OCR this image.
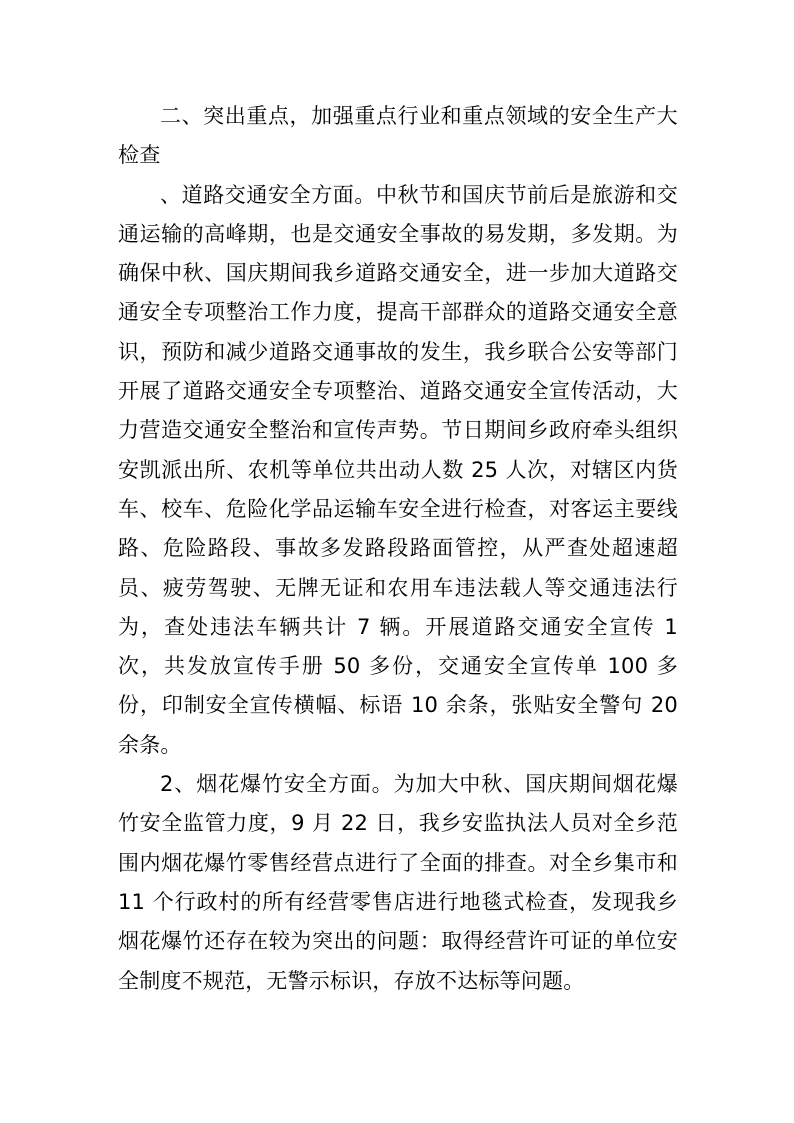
二、突出重点，加强重点行业和重点领域的安全生产大检查

、道路交通安全方面。中秋节和国庆节前后是旅游和交通运输的高峰期，也是交通安全事故的易发期，多发期。为确保中秋、国庆期间我乡道路交通安全，进一步加大道路交通安全专项整治工作力度，提高干部群众的道路交通安全意识，预防和减少道路交通事故的发生，我乡联合公安等部门开展了道路交通安全专项整治、道路交通安全宣传活动，大力营造交通安全整治和宣传声势。节日期间乡政府牵头组织安凯派出所、农机等单位共出动人数 25 人次，对辖区内货车、校车、危险化学品运输车安全进行检查，对客运主要线路、危险路段、事故多发路段路面管控，从严查处超速超员、疲劳驾驶、无牌无证和农用车违法载人等交通违法行为，查处违法车辆共计 7 辆。开展道路交通安全宣传 1 次，共发放宣传手册 50 多份，交通安全宣传单 100 多份，印制安全宣传横幅、标语 10 余条，张贴安全警句 20 余条。

2、烟花爆竹安全方面。为加大中秋、国庆期间烟花爆竹安全监管力度，9 月 22 日，我乡安监执法人员对全乡范围内烟花爆竹零售经营点进行了全面的排查。对全乡集市和 11 个行政村的所有经营零售店进行地毯式检查，发现我乡烟花爆竹还存在较为突出的问题：取得经营许可证的单位安全制度不规范，无警示标识，存放不达标等问题。
